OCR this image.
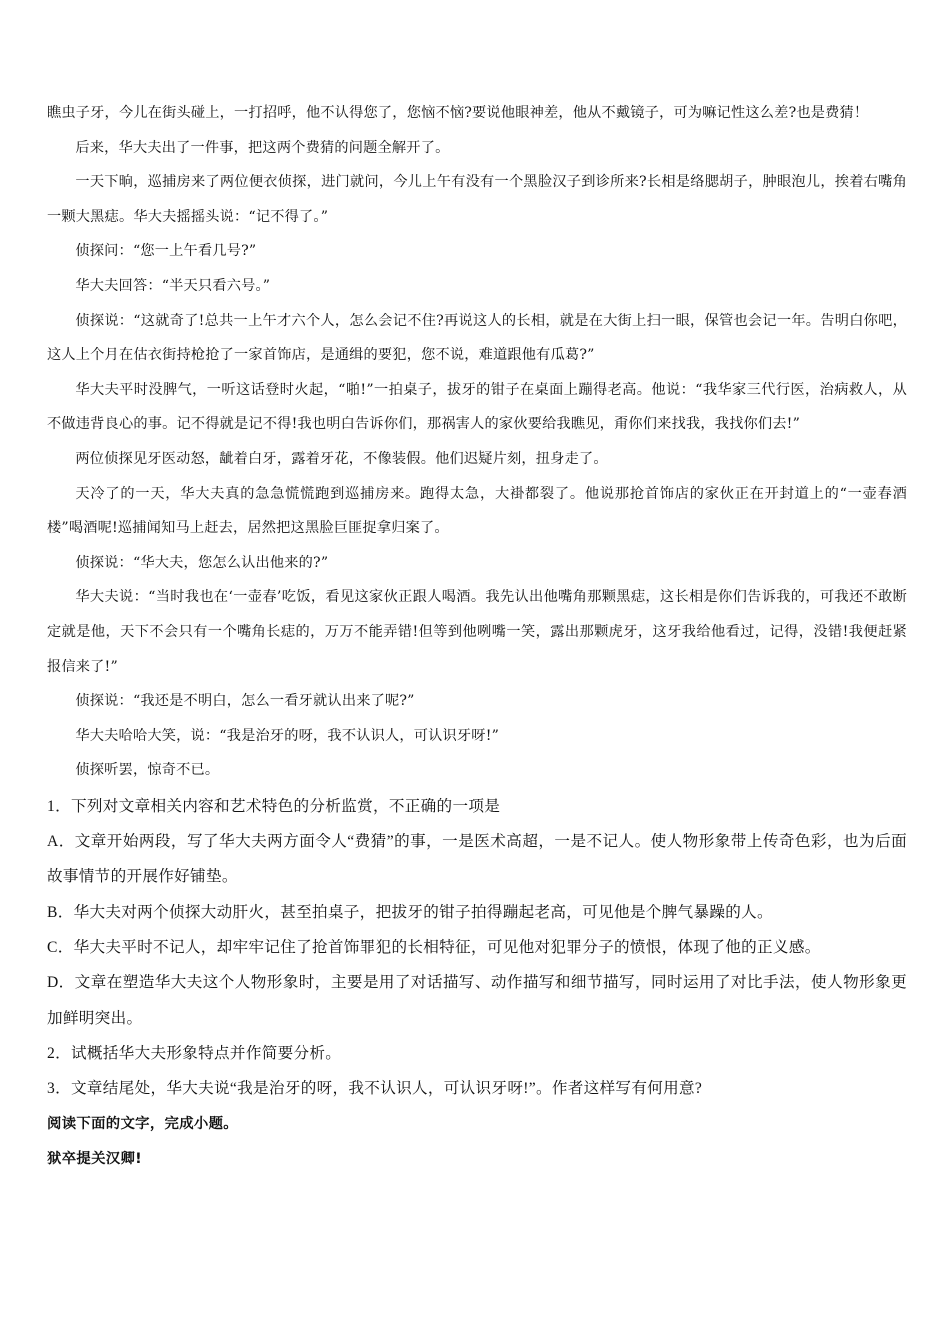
瞧虫子牙，今儿在街头碰上，一打招呼，他不认得您了，您恼不恼?要说他眼神差，他从不戴镜子，可为嘛记性这么差?也是费猜！

后来，华大夫出了一件事，把这两个费猜的问题全解开了。

一天下晌，巡捕房来了两位便衣侦探，进门就问，今儿上午有没有一个黑脸汉子到诊所来?长相是络腮胡子，肿眼泡儿，挨着右嘴角一颗大黑痣。华大夫摇摇头说：“记不得了。”

侦探问：“您一上午看几号?”

华大夫回答：“半天只看六号。”

侦探说：“这就奇了!总共一上午才六个人，怎么会记不住?再说这人的长相，就是在大街上扫一眼，保管也会记一年。告明白你吧，这人上个月在估衣街持枪抢了一家首饰店，是通缉的要犯，您不说，难道跟他有瓜葛?”

华大夫平时没脾气，一听这话登时火起，“啪!”一拍桌子，拔牙的钳子在桌面上蹦得老高。他说：“我华家三代行医，治病救人，从不做违背良心的事。记不得就是记不得!我也明白告诉你们，那祸害人的家伙要给我瞧见，甭你们来找我，我找你们去!”

两位侦探见牙医动怒，龇着白牙，露着牙花，不像装假。他们迟疑片刻，扭身走了。

天冷了的一天，华大夫真的急急慌慌跑到巡捕房来。跑得太急，大褂都裂了。他说那抢首饰店的家伙正在开封道上的“一壶春酒楼”喝酒呢!巡捕闻知马上赶去，居然把这黑脸巨匪捉拿归案了。

侦探说：“华大夫，您怎么认出他来的?”

华大夫说：“当时我也在‘一壶春’吃饭，看见这家伙正跟人喝酒。我先认出他嘴角那颗黑痣，这长相是你们告诉我的，可我还不敢断定就是他，天下不会只有一个嘴角长痣的，万万不能弄错!但等到他咧嘴一笑，露出那颗虎牙，这牙我给他看过，记得，没错!我便赶紧报信来了!”

侦探说：“我还是不明白，怎么一看牙就认出来了呢?”

华大夫哈哈大笑，说：“我是治牙的呀，我不认识人，可认识牙呀!”

侦探听罢，惊奇不已。

1．下列对文章相关内容和艺术特色的分析监赏，不正确的一项是

A．文章开始两段，写了华大夫两方面令人“费猜”的事，一是医术高超，一是不记人。使人物形象带上传奇色彩，也为后面故事情节的开展作好铺垫。

B．华大夫对两个侦探大动肝火，甚至拍桌子，把拔牙的钳子拍得蹦起老高，可见他是个脾气暴躁的人。

C．华大夫平时不记人，却牢牢记住了抢首饰罪犯的长相特征，可见他对犯罪分子的愤恨，体现了他的正义感。

D．文章在塑造华大夫这个人物形象时，主要是用了对话描写、动作描写和细节描写，同时运用了对比手法，使人物形象更加鲜明突出。

2．试概括华大夫形象特点并作简要分析。

3．文章结尾处，华大夫说“我是治牙的呀，我不认识人，可认识牙呀!”。作者这样写有何用意?

阅读下面的文字，完成小题。

狱卒提关汉卿!
